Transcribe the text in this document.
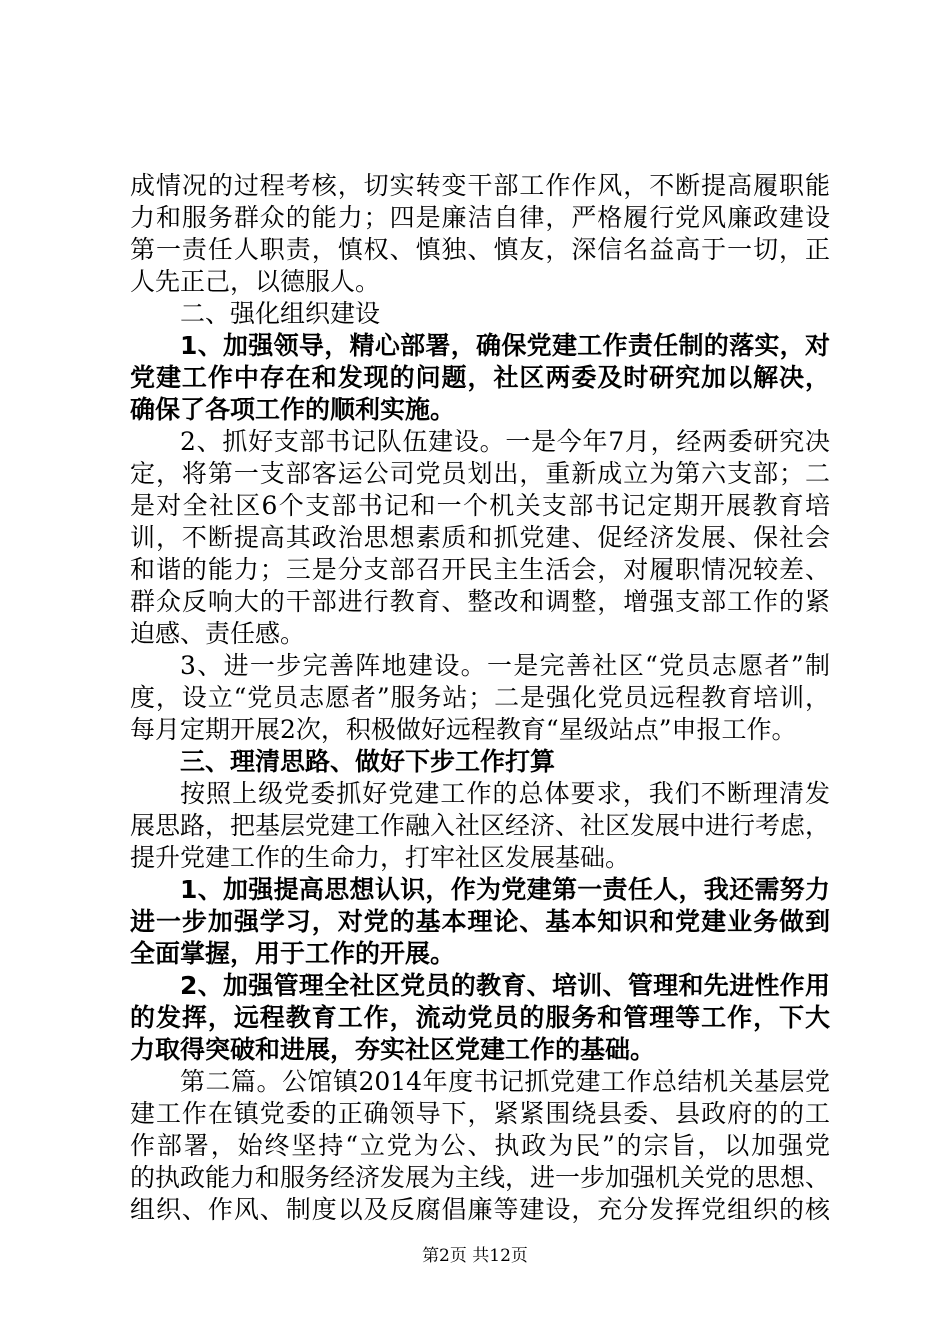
成情况的过程考核，切实转变干部工作作风，不断提高履职能
力和服务群众的能力；四是廉洁自律，严格履行党风廉政建设
第一责任人职责，慎权、慎独、慎友，深信名益高于一切，正
人先正己，以德服人。
二、强化组织建设
1、加强领导，精心部署，确保党建工作责任制的落实，对
党建工作中存在和发现的问题，社区两委及时研究加以解决，
确保了各项工作的顺利实施。
2、抓好支部书记队伍建设。一是今年7月，经两委研究决
定，将第一支部客运公司党员划出，重新成立为第六支部；二
是对全社区6个支部书记和一个机关支部书记定期开展教育培
训，不断提高其政治思想素质和抓党建、促经济发展、保社会
和谐的能力；三是分支部召开民主生活会，对履职情况较差、
群众反响大的干部进行教育、整改和调整，增强支部工作的紧
迫感、责任感。
3、进一步完善阵地建设。一是完善社区“党员志愿者”制
度，设立“党员志愿者”服务站；二是强化党员远程教育培训，
每月定期开展2次，积极做好远程教育“星级站点”申报工作。
三、理清思路、做好下步工作打算
按照上级党委抓好党建工作的总体要求，我们不断理清发
展思路，把基层党建工作融入社区经济、社区发展中进行考虑，
提升党建工作的生命力，打牢社区发展基础。
1、加强提高思想认识，作为党建第一责任人，我还需努力
进一步加强学习，对党的基本理论、基本知识和党建业务做到
全面掌握，用于工作的开展。
2、加强管理全社区党员的教育、培训、管理和先进性作用
的发挥，远程教育工作，流动党员的服务和管理等工作，下大
力取得突破和进展，夯实社区党建工作的基础。
第二篇。公馆镇2014年度书记抓党建工作总结机关基层党
建工作在镇党委的正确领导下，紧紧围绕县委、县政府的的工
作部署，始终坚持“立党为公、执政为民”的宗旨，以加强党
的执政能力和服务经济发展为主线，进一步加强机关党的思想、
组织、作风、制度以及反腐倡廉等建设，充分发挥党组织的核
第2页 共12页
